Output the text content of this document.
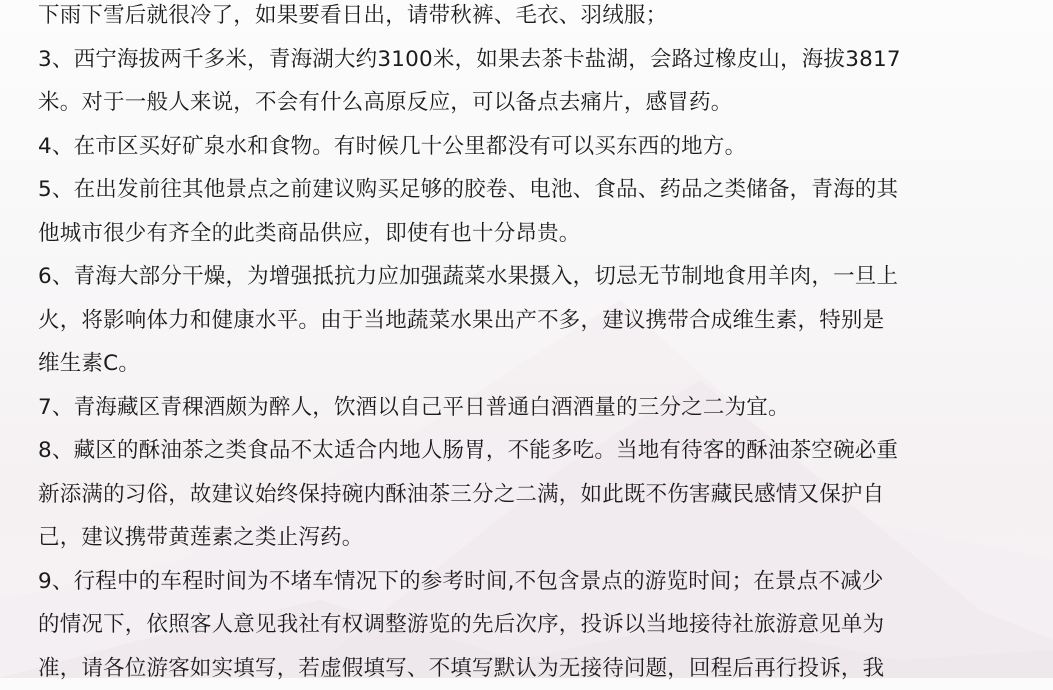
下雨下雪后就很冷了，如果要看日出，请带秋裤、毛衣、羽绒服；
3、西宁海拔两千多米，青海湖大约3100米，如果去茶卡盐湖，会路过橡皮山，海拔3817
米。对于一般人来说，不会有什么高原反应，可以备点去痛片，感冒药。
4、在市区买好矿泉水和食物。有时候几十公里都没有可以买东西的地方。
5、在出发前往其他景点之前建议购买足够的胶卷、电池、食品、药品之类储备，青海的其
他城市很少有齐全的此类商品供应，即使有也十分昂贵。
6、青海大部分干燥，为增强抵抗力应加强蔬菜水果摄入，切忌无节制地食用羊肉，一旦上
火，将影响体力和健康水平。由于当地蔬菜水果出产不多，建议携带合成维生素，特别是
维生素C。
7、青海藏区青稞酒颇为醉人，饮酒以自己平日普通白酒酒量的三分之二为宜。
8、藏区的酥油茶之类食品不太适合内地人肠胃，不能多吃。当地有待客的酥油茶空碗必重
新添满的习俗，故建议始终保持碗内酥油茶三分之二满，如此既不伤害藏民感情又保护自
己，建议携带黄莲素之类止泻药。
9、行程中的车程时间为不堵车情况下的参考时间,不包含景点的游览时间；在景点不减少
的情况下，依照客人意见我社有权调整游览的先后次序，投诉以当地接待社旅游意见单为
准，请各位游客如实填写，若虚假填写、不填写默认为无接待问题，回程后再行投诉，我
